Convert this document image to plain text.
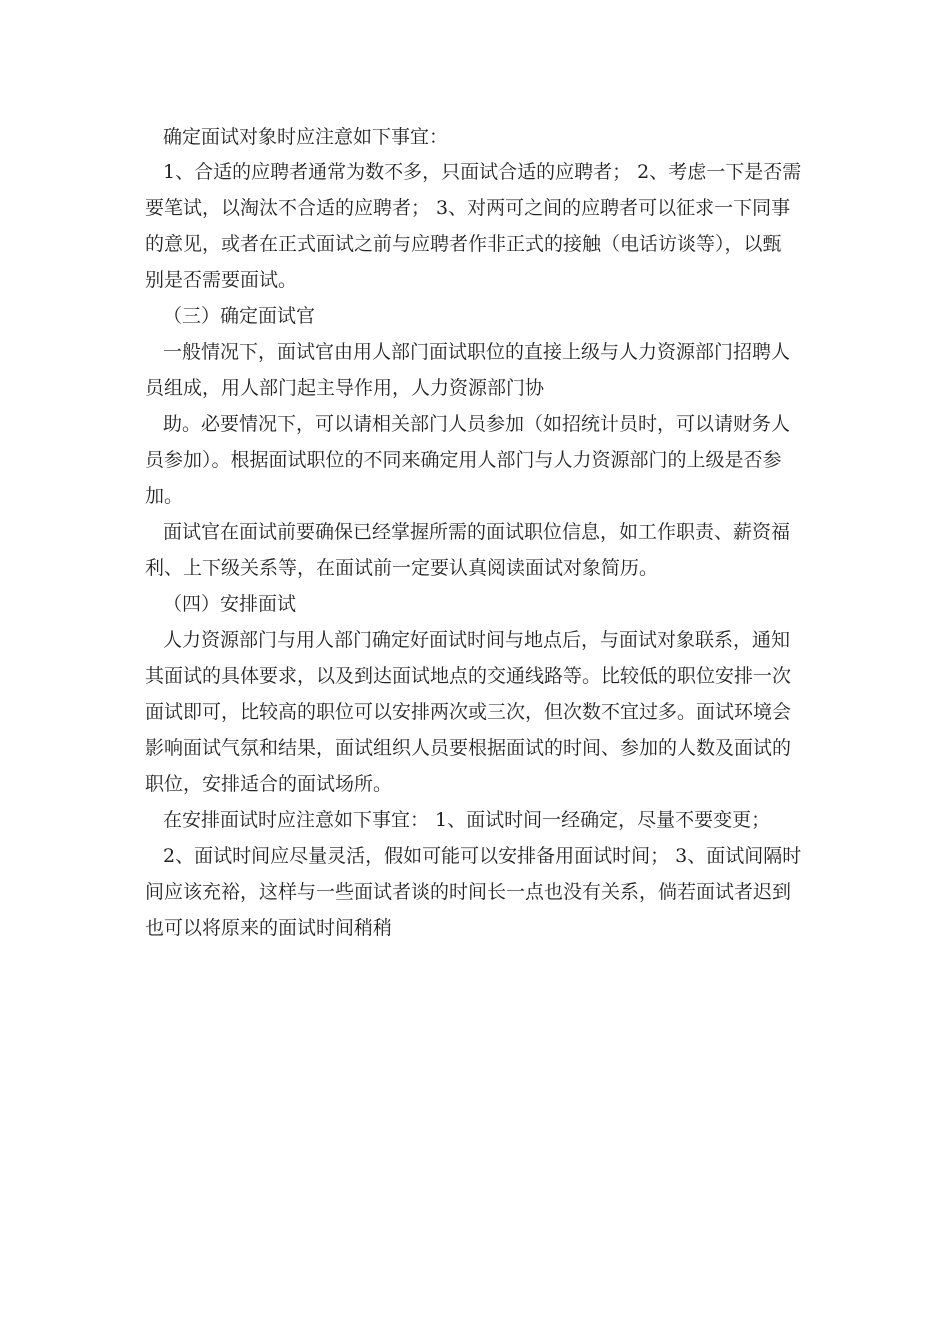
确定面试对象时应注意如下事宜：
1、合适的应聘者通常为数不多，只面试合适的应聘者； 2、考虑一下是否需
要笔试，以淘汰不合适的应聘者； 3、对两可之间的应聘者可以征求一下同事
的意见，或者在正式面试之前与应聘者作非正式的接触（电话访谈等），以甄
别是否需要面试。
（三）确定面试官
一般情况下，面试官由用人部门面试职位的直接上级与人力资源部门招聘人
员组成，用人部门起主导作用，人力资源部门协
助。必要情况下，可以请相关部门人员参加（如招统计员时，可以请财务人
员参加）。根据面试职位的不同来确定用人部门与人力资源部门的上级是否参
加。
面试官在面试前要确保已经掌握所需的面试职位信息，如工作职责、薪资福
利、上下级关系等，在面试前一定要认真阅读面试对象简历。
（四）安排面试
人力资源部门与用人部门确定好面试时间与地点后，与面试对象联系，通知
其面试的具体要求，以及到达面试地点的交通线路等。比较低的职位安排一次
面试即可，比较高的职位可以安排两次或三次，但次数不宜过多。面试环境会
影响面试气氛和结果，面试组织人员要根据面试的时间、参加的人数及面试的
职位，安排适合的面试场所。
在安排面试时应注意如下事宜： 1、面试时间一经确定，尽量不要变更；
2、面试时间应尽量灵活，假如可能可以安排备用面试时间； 3、面试间隔时
间应该充裕，这样与一些面试者谈的时间长一点也没有关系，倘若面试者迟到
也可以将原来的面试时间稍稍
